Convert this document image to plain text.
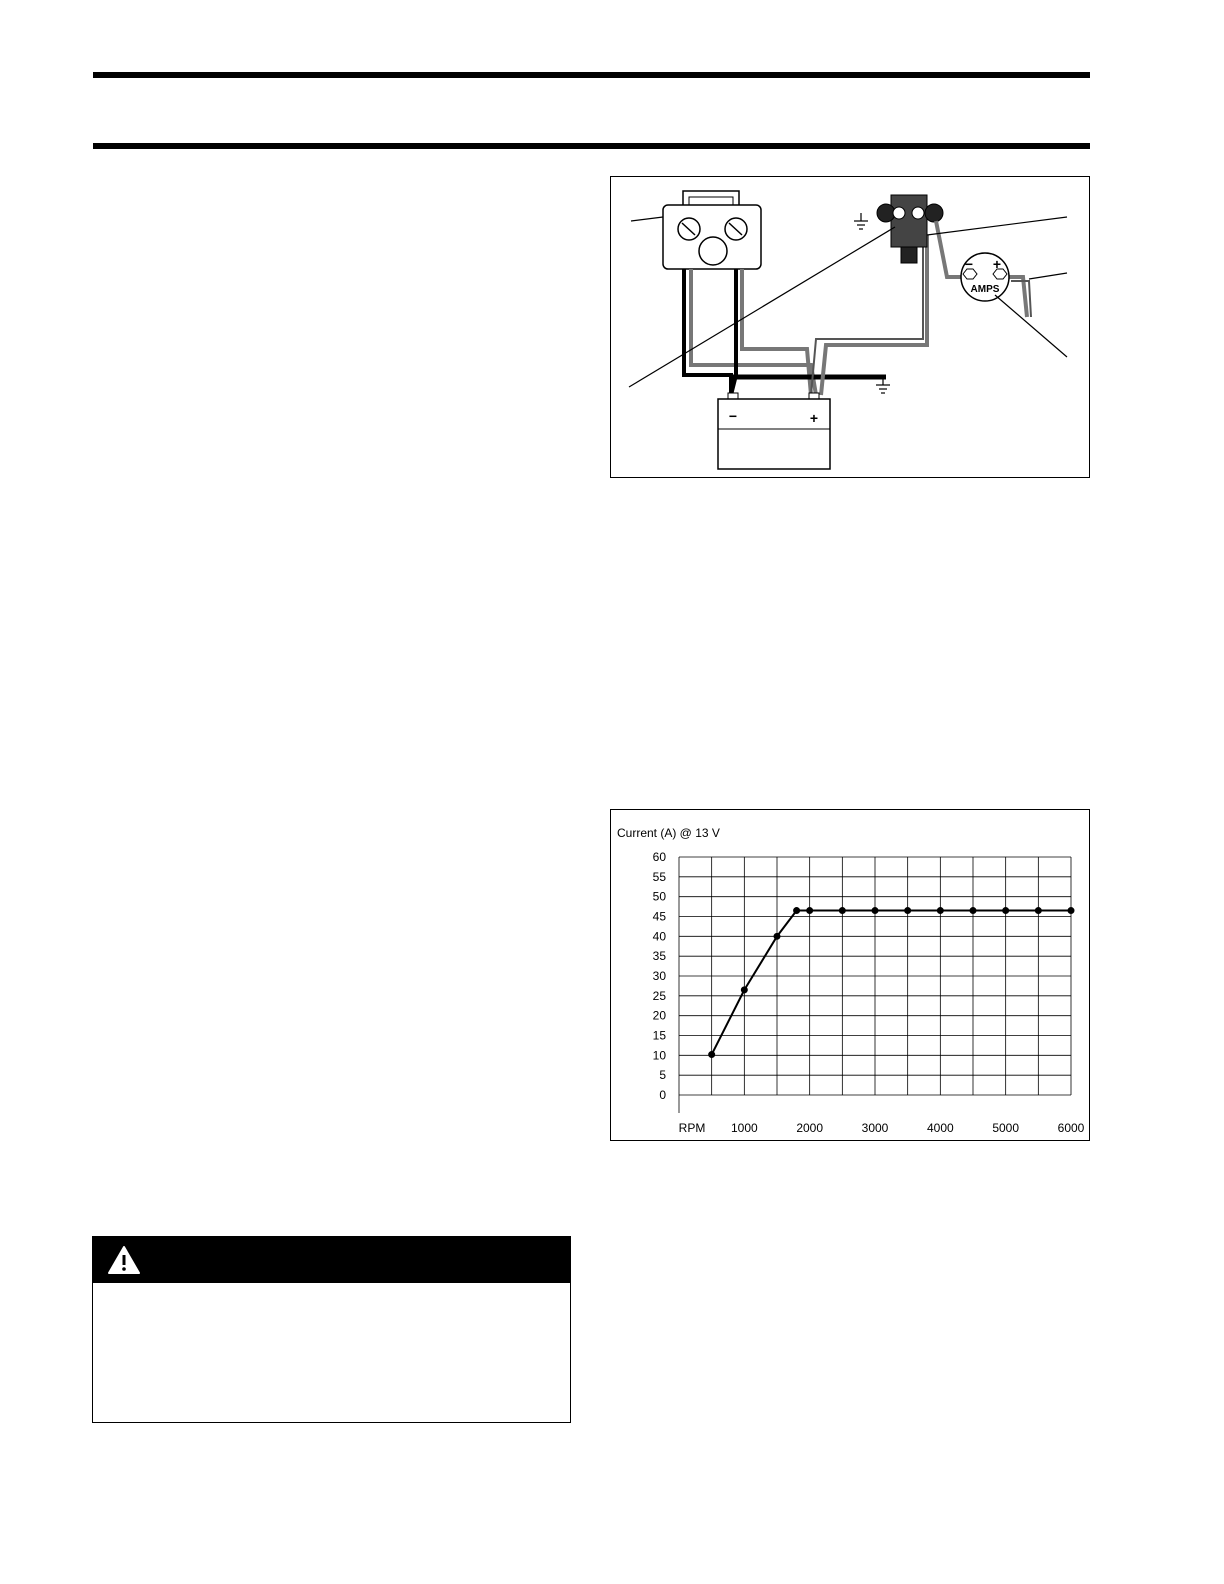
−	+
− +
AMPS
Current (A) @ 13 V
0
5
10
15
20
25
30
35
40
45
50
55
60
1000	2000	3000	4000	5000	6000
RPM
